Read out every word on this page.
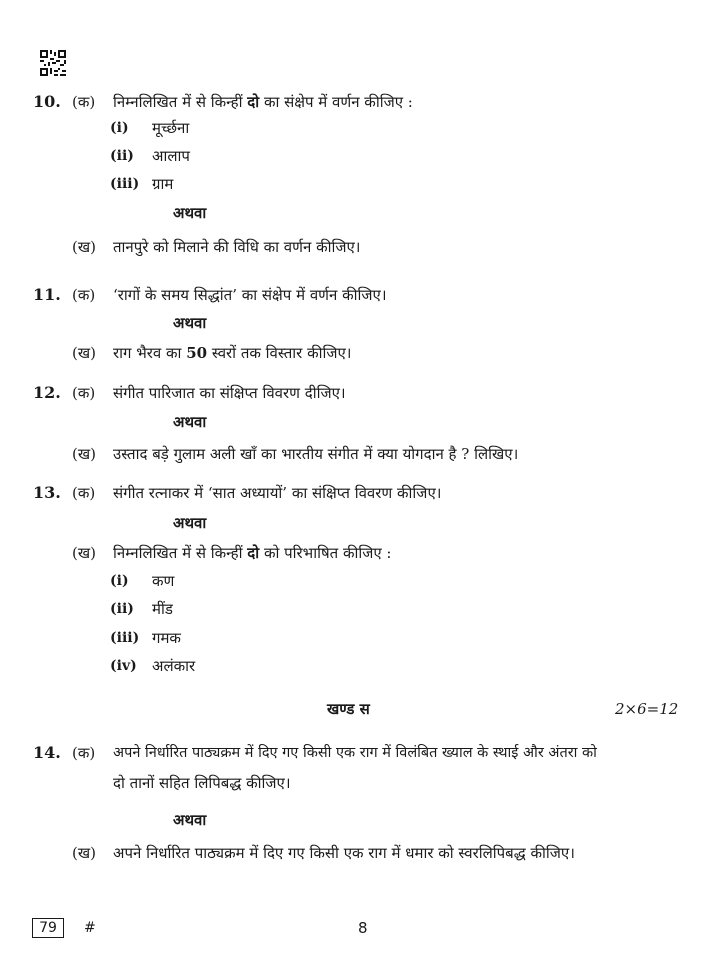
10. (क) निम्नलिखित में से किन्हीं दो का संक्षेप में वर्णन कीजिए :
(i) मूर्च्छना
(ii) आलाप
(iii) ग्राम
अथवा
(ख) तानपुरे को मिलाने की विधि का वर्णन कीजिए।
11. (क) ‘रागों के समय सिद्धांत’ का संक्षेप में वर्णन कीजिए।
अथवा
(ख) राग भैरव का 50 स्वरों तक विस्तार कीजिए।
12. (क) संगीत पारिजात का संक्षिप्त विवरण दीजिए।
अथवा
(ख) उस्ताद बड़े गुलाम अली खाँ का भारतीय संगीत में क्या योगदान है ? लिखिए।
13. (क) संगीत रत्नाकर में ‘सात अध्यायों’ का संक्षिप्त विवरण कीजिए।
अथवा
(ख) निम्नलिखित में से किन्हीं दो को परिभाषित कीजिए :
(i) कण
(ii) मींड
(iii) गमक
(iv) अलंकार
खण्ड स	2×6=12
14. (क) अपने निर्धारित पाठ्यक्रम में दिए गए किसी एक राग में विलंबित ख्याल के स्थाई और अंतरा को
दो तानों सहित लिपिबद्ध कीजिए।
अथवा
(ख) अपने निर्धारित पाठ्यक्रम में दिए गए किसी एक राग में धमार को स्वरलिपिबद्ध कीजिए।
79	#	8
